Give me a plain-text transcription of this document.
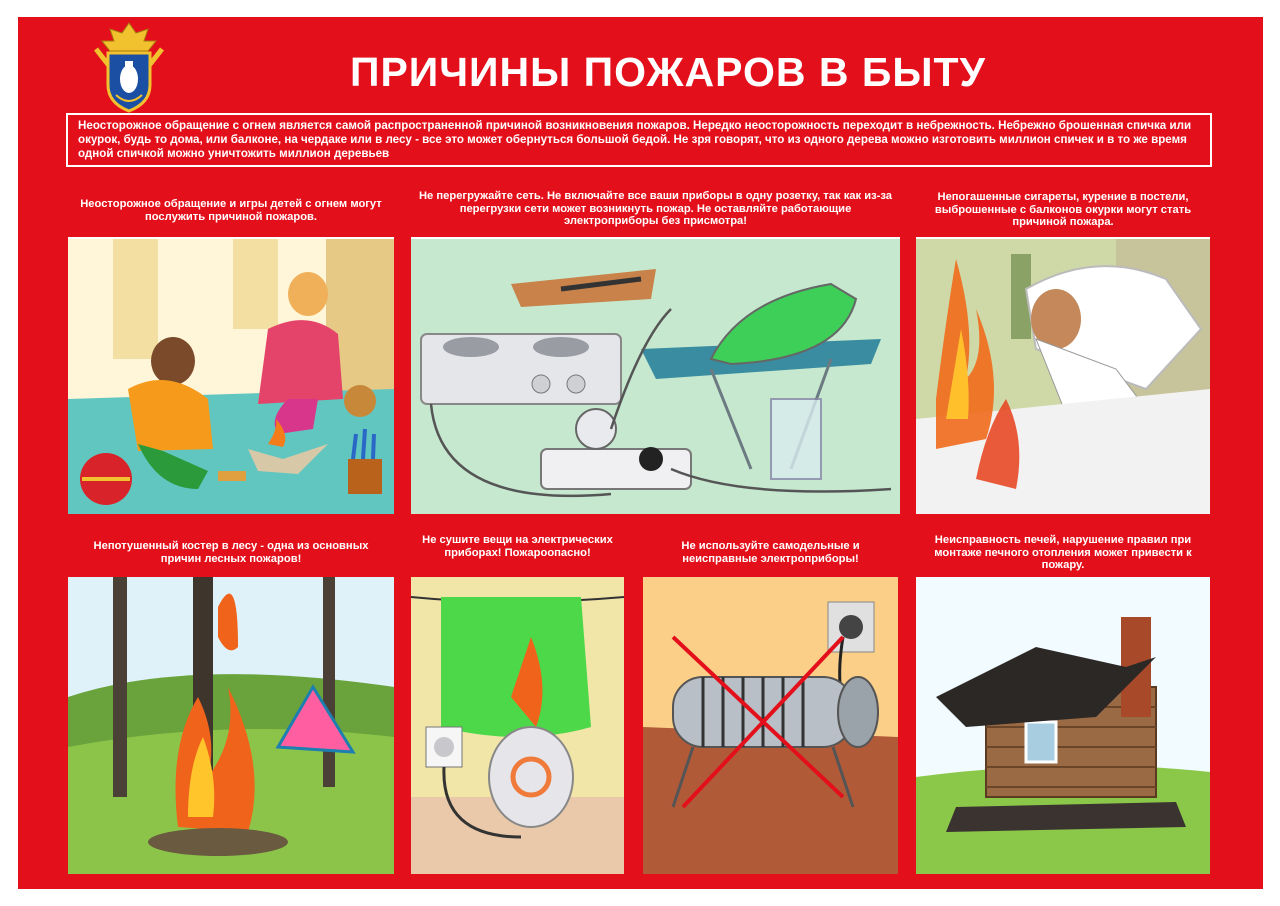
ПРИЧИНЫ ПОЖАРОВ В БЫТУ
Неосторожное обращение с огнем является самой распространенной причиной возникновения пожаров. Нередко неосторожность переходит в небрежность. Небрежно брошенная спичка или окурок, будь то дома, или балконе, на чердаке или в лесу - все это может обернуться большой бедой. Не зря говорят, что из одного дерева можно изготовить миллион спичек и в то же время одной спичкой можно уничтожить миллион деревьев
Неосторожное обращение и игры детей с огнем могут послужить причиной пожаров.
Не перегружайте сеть. Не включайте все ваши приборы в одну розетку, так как из-за перегрузки сети может возникнуть пожар. Не оставляйте работающие электроприборы без присмотра!
Непогашенные сигареты, курение в постели, выброшенные с балконов окурки могут стать причиной пожара.
Непотушенный костер в лесу - одна из основных причин лесных пожаров!
Не сушите вещи на электрических приборах! Пожароопасно!
Не используйте самодельные и неисправные электроприборы!
Неисправность печей, нарушение правил при монтаже печного отопления может привести к пожару.
